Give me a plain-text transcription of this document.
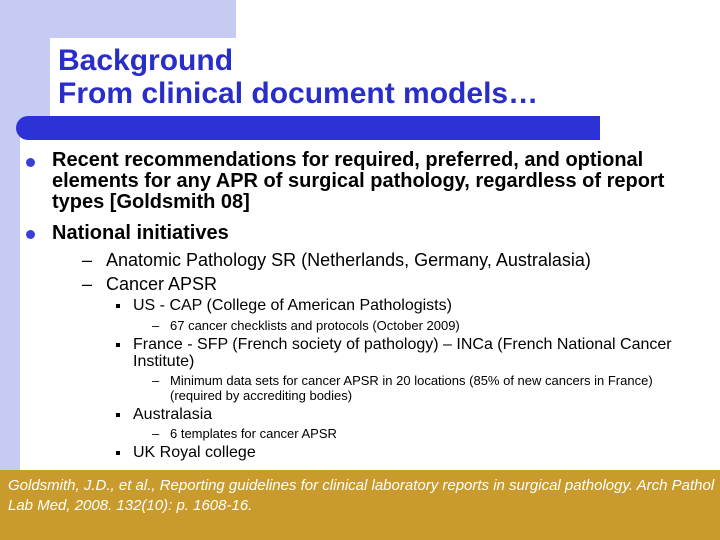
Background
From clinical document models…
Recent recommendations for required, preferred, and optional elements for any APR of surgical pathology, regardless of report types [Goldsmith 08]
National initiatives
– Anatomic Pathology SR (Netherlands, Germany, Australasia)
– Cancer APSR
US - CAP (College of American Pathologists)
– 67 cancer checklists and protocols (October 2009)
France - SFP (French society of pathology) – INCa (French National Cancer Institute)
– Minimum data sets for cancer APSR in 20 locations (85% of new cancers in France) (required by accrediting bodies)
Australasia
– 6 templates for cancer APSR
UK Royal college
Goldsmith, J.D., et al., Reporting guidelines for clinical laboratory reports in surgical pathology. Arch Pathol Lab Med, 2008. 132(10): p. 1608-16.
